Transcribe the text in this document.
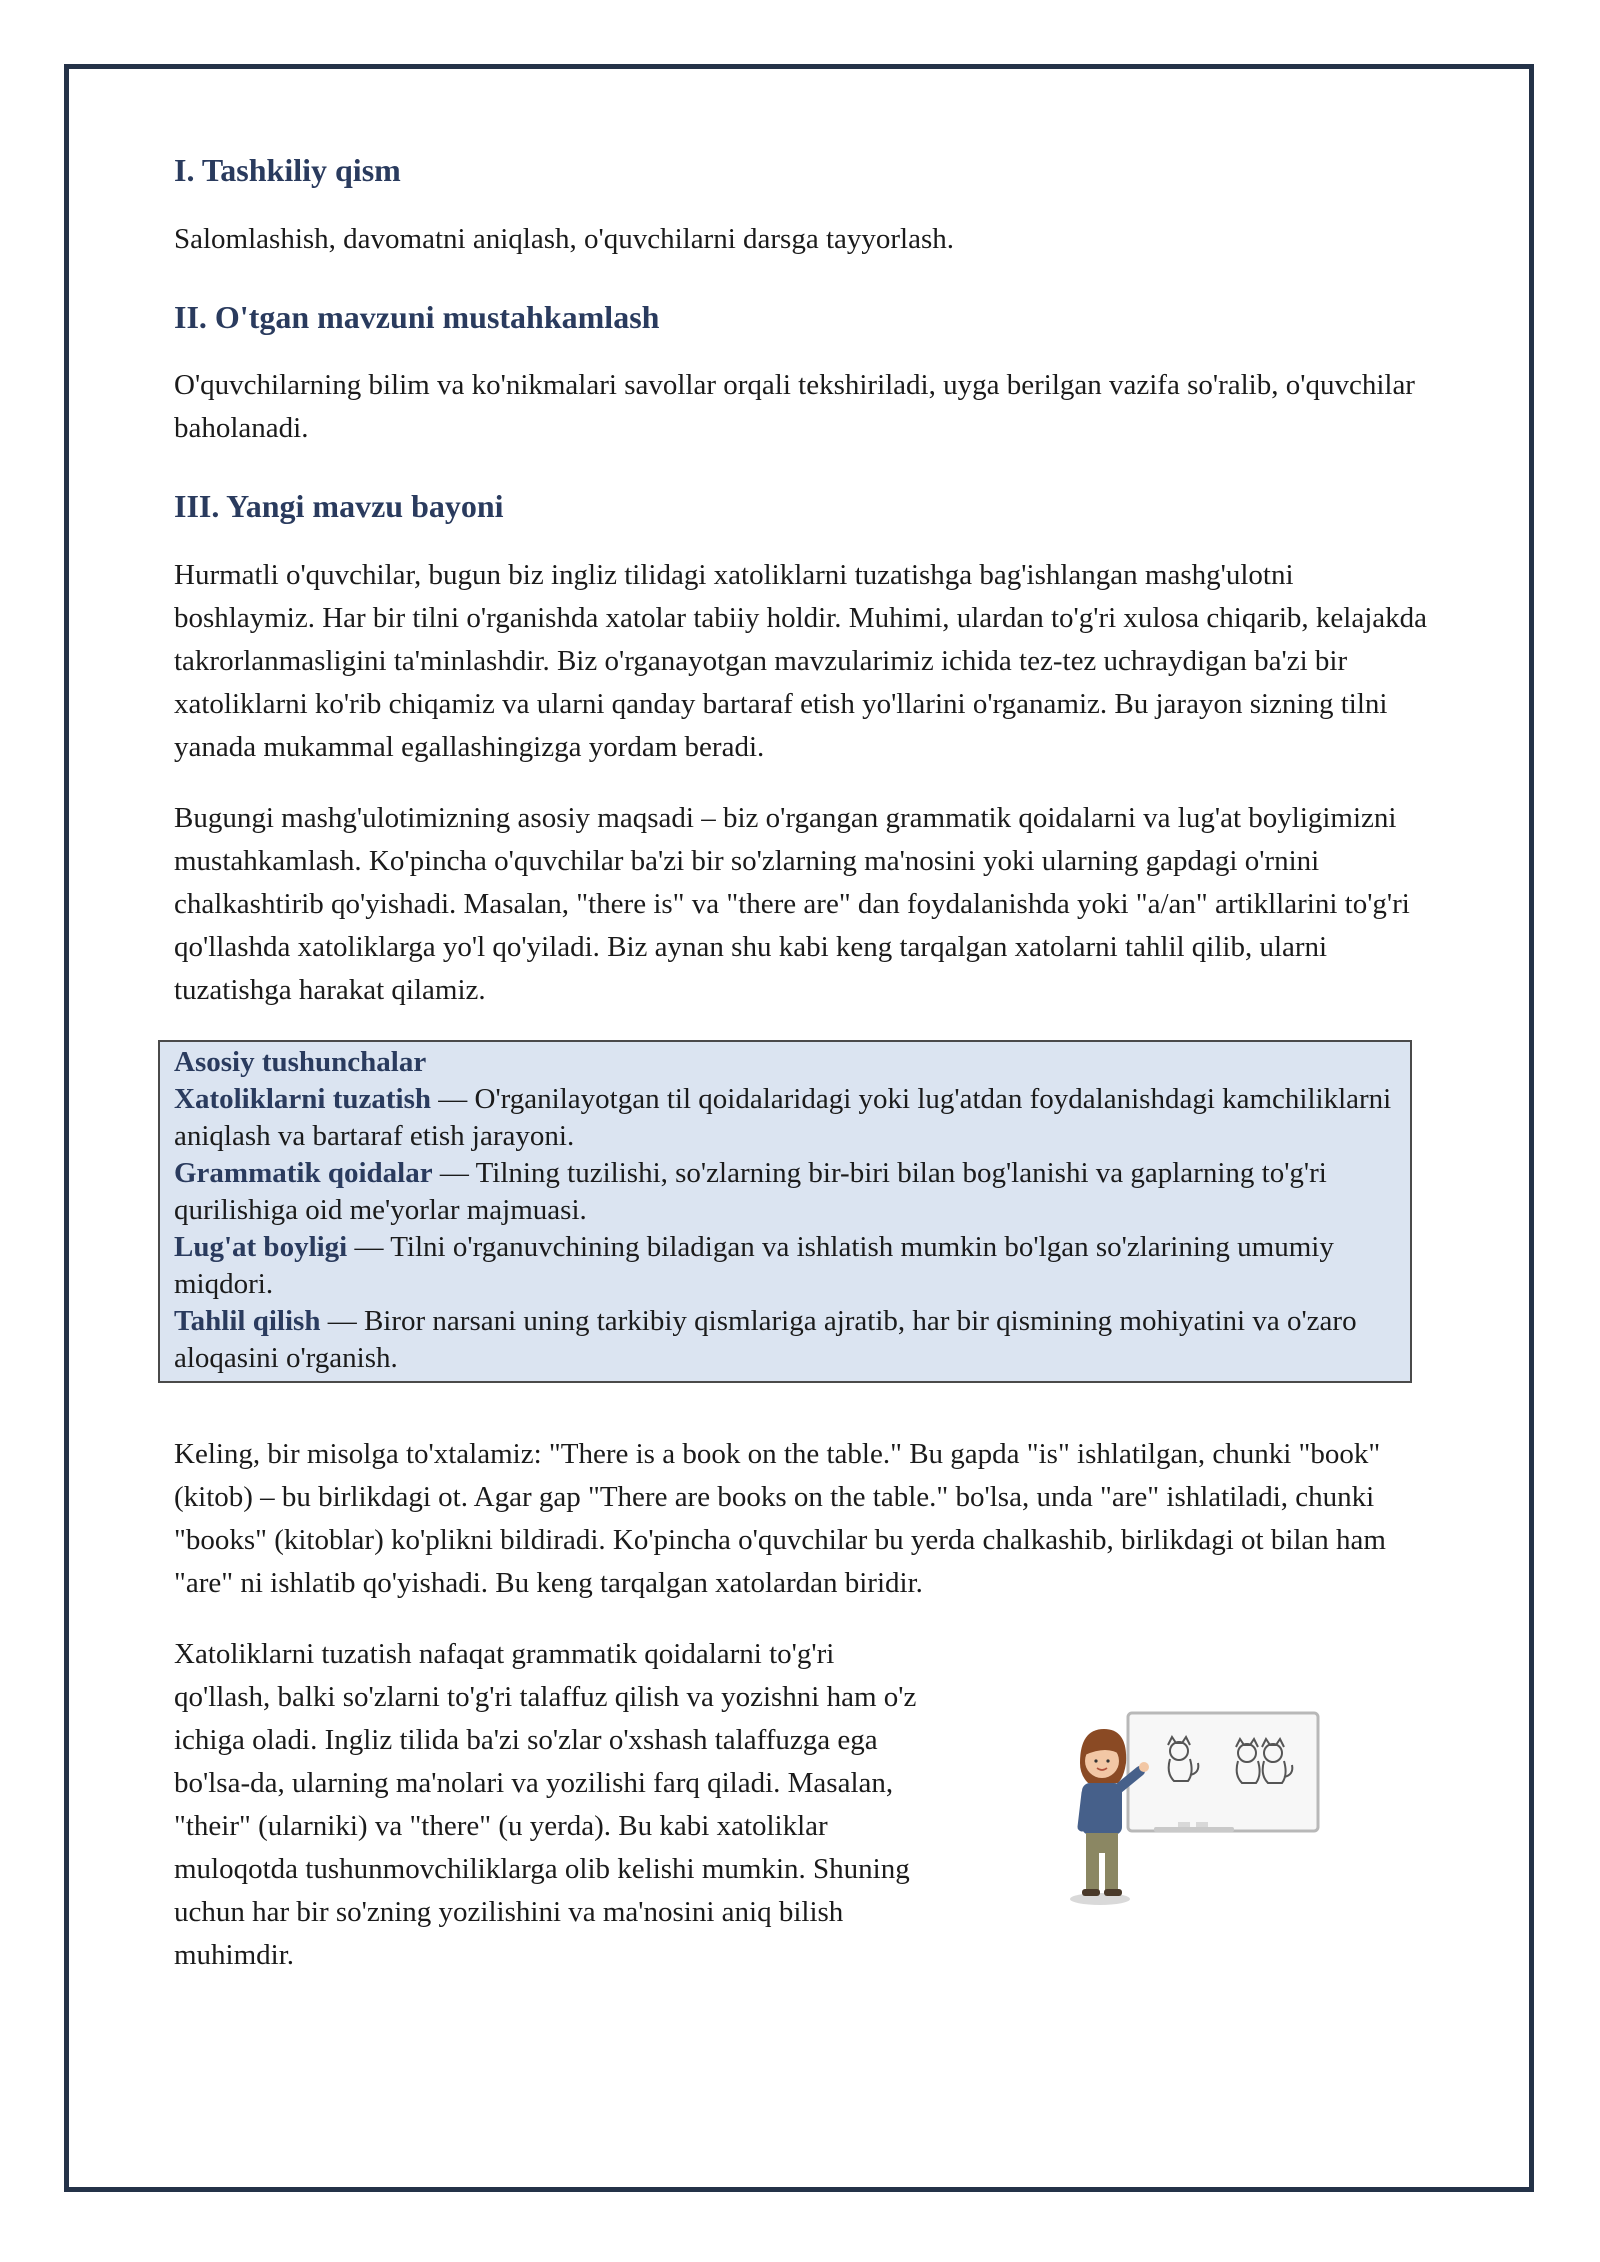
I. Tashkiliy qism

Salomlashish, davomatni aniqlash, o'quvchilarni darsga tayyorlash.

II. O'tgan mavzuni mustahkamlash

O'quvchilarning bilim va ko'nikmalari savollar orqali tekshiriladi, uyga berilgan vazifa so'ralib, o'quvchilar baholanadi.

III. Yangi mavzu bayoni

Hurmatli o'quvchilar, bugun biz ingliz tilidagi xatoliklarni tuzatishga bag'ishlangan mashg'ulotni boshlaymiz. Har bir tilni o'rganishda xatolar tabiiy holdir. Muhimi, ulardan to'g'ri xulosa chiqarib, kelajakda takrorlanmasligini ta'minlashdir. Biz o'rganayotgan mavzularimiz ichida tez-tez uchraydigan ba'zi bir xatoliklarni ko'rib chiqamiz va ularni qanday bartaraf etish yo'llarini o'rganamiz. Bu jarayon sizning tilni yanada mukammal egallashingizga yordam beradi.

Bugungi mashg'ulotimizning asosiy maqsadi – biz o'rgangan grammatik qoidalarni va lug'at boyligimizni mustahkamlash. Ko'pincha o'quvchilar ba'zi bir so'zlarning ma'nosini yoki ularning gapdagi o'rnini chalkashtirib qo'yishadi. Masalan, "there is" va "there are" dan foydalanishda yoki "a/an" artikllarini to'g'ri qo'llashda xatoliklarga yo'l qo'yiladi. Biz aynan shu kabi keng tarqalgan xatolarni tahlil qilib, ularni tuzatishga harakat qilamiz.

Asosiy tushunchalar
Xatoliklarni tuzatish — O'rganilayotgan til qoidalaridagi yoki lug'atdan foydalanishdagi kamchiliklarni aniqlash va bartaraf etish jarayoni.
Grammatik qoidalar — Tilning tuzilishi, so'zlarning bir-biri bilan bog'lanishi va gaplarning to'g'ri qurilishiga oid me'yorlar majmuasi.
Lug'at boyligi — Tilni o'rganuvchining biladigan va ishlatish mumkin bo'lgan so'zlarining umumiy miqdori.
Tahlil qilish — Biror narsani uning tarkibiy qismlariga ajratib, har bir qismining mohiyatini va o'zaro aloqasini o'rganish.

Keling, bir misolga to'xtalamiz: "There is a book on the table." Bu gapda "is" ishlatilgan, chunki "book" (kitob) – bu birlikdagi ot. Agar gap "There are books on the table." bo'lsa, unda "are" ishlatiladi, chunki "books" (kitoblar) ko'plikni bildiradi. Ko'pincha o'quvchilar bu yerda chalkashib, birlikdagi ot bilan ham "are" ni ishlatib qo'yishadi. Bu keng tarqalgan xatolardan biridir.

Xatoliklarni tuzatish nafaqat grammatik qoidalarni to'g'ri qo'llash, balki so'zlarni to'g'ri talaffuz qilish va yozishni ham o'z ichiga oladi. Ingliz tilida ba'zi so'zlar o'xshash talaffuzga ega bo'lsa-da, ularning ma'nolari va yozilishi farq qiladi. Masalan, "their" (ularniki) va "there" (u yerda). Bu kabi xatoliklar muloqotda tushunmovchiliklarga olib kelishi mumkin. Shuning uchun har bir so'zning yozilishini va ma'nosini aniq bilish muhimdir.
